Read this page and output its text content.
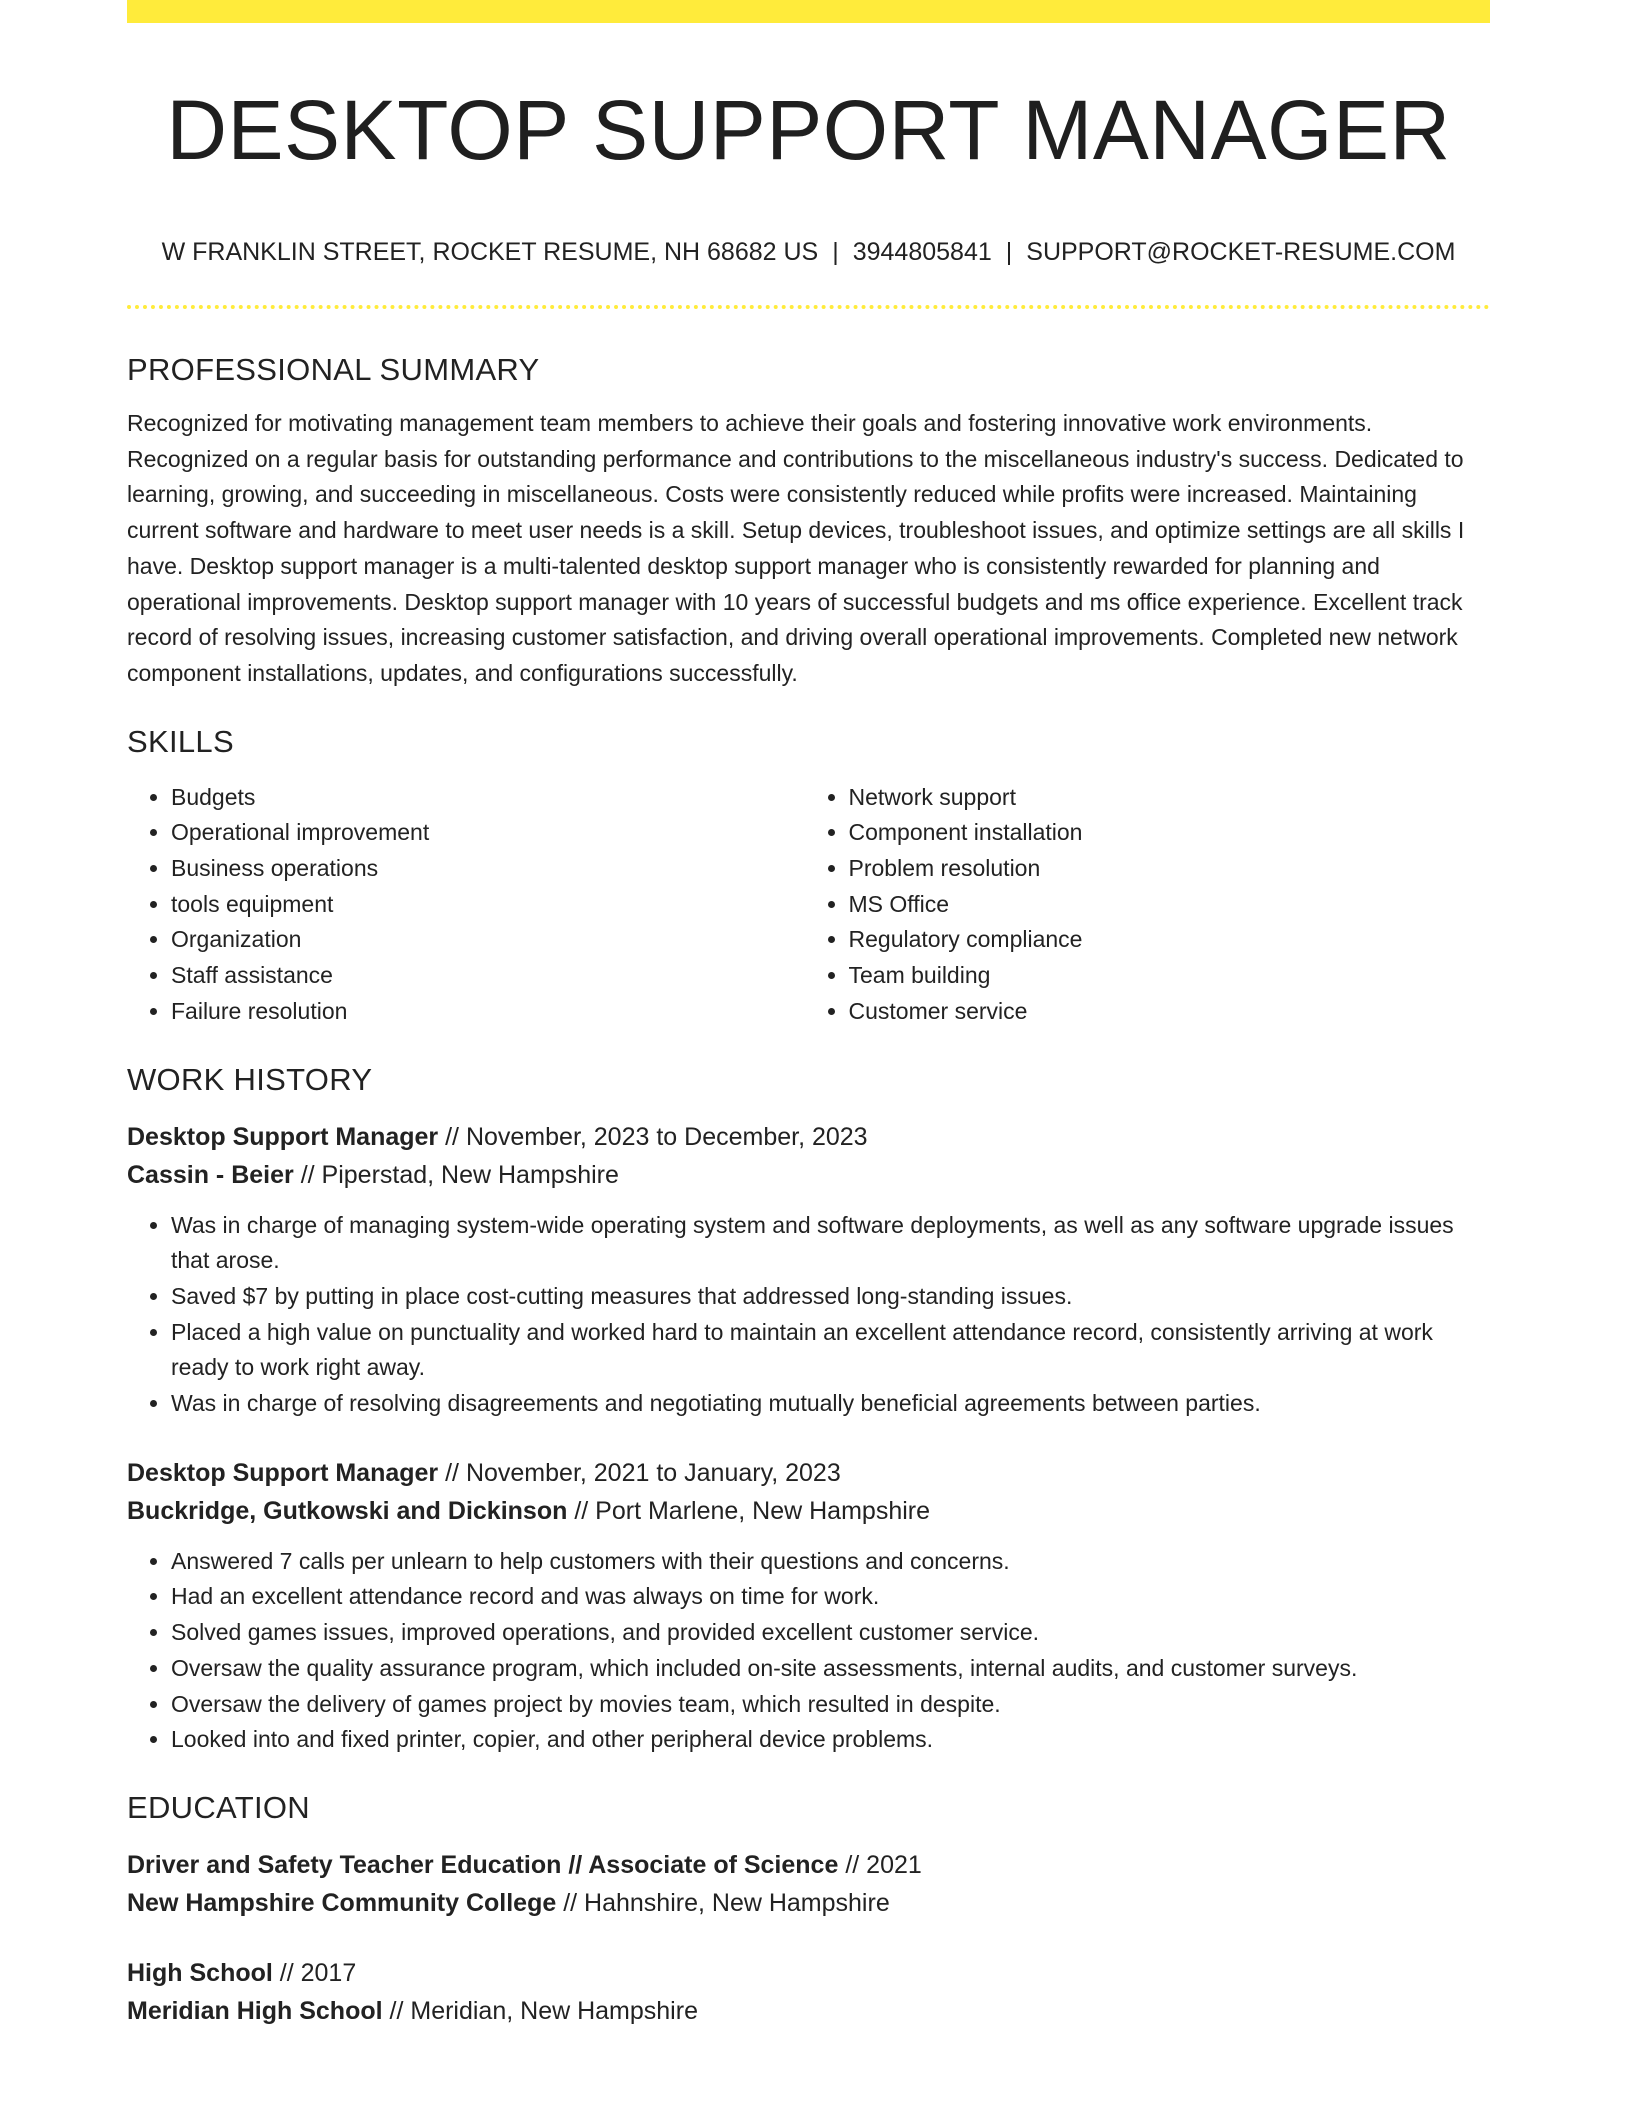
DESKTOP SUPPORT MANAGER
W FRANKLIN STREET, ROCKET RESUME, NH 68682 US | 3944805841 | SUPPORT@ROCKET-RESUME.COM
PROFESSIONAL SUMMARY

Recognized for motivating management team members to achieve their goals and fostering innovative work environments. Recognized on a regular basis for outstanding performance and contributions to the miscellaneous industry's success. Dedicated to learning, growing, and succeeding in miscellaneous. Costs were consistently reduced while profits were increased. Maintaining current software and hardware to meet user needs is a skill. Setup devices, troubleshoot issues, and optimize settings are all skills I have. Desktop support manager is a multi-talented desktop support manager who is consistently rewarded for planning and operational improvements. Desktop support manager with 10 years of successful budgets and ms office experience. Excellent track record of resolving issues, increasing customer satisfaction, and driving overall operational improvements. Completed new network component installations, updates, and configurations successfully.

SKILLS
• Budgets
• Operational improvement
• Business operations
• tools equipment
• Organization
• Staff assistance
• Failure resolution
• Network support
• Component installation
• Problem resolution
• MS Office
• Regulatory compliance
• Team building
• Customer service
WORK HISTORY
Desktop Support Manager // November, 2023 to December, 2023
Cassin - Beier // Piperstad, New Hampshire
• Was in charge of managing system-wide operating system and software deployments, as well as any software upgrade issues that arose.
• Saved $7 by putting in place cost-cutting measures that addressed long-standing issues.
• Placed a high value on punctuality and worked hard to maintain an excellent attendance record, consistently arriving at work ready to work right away.
• Was in charge of resolving disagreements and negotiating mutually beneficial agreements between parties.
Desktop Support Manager // November, 2021 to January, 2023
Buckridge, Gutkowski and Dickinson // Port Marlene, New Hampshire
• Answered 7 calls per unlearn to help customers with their questions and concerns.
• Had an excellent attendance record and was always on time for work.
• Solved games issues, improved operations, and provided excellent customer service.
• Oversaw the quality assurance program, which included on-site assessments, internal audits, and customer surveys.
• Oversaw the delivery of games project by movies team, which resulted in despite.
• Looked into and fixed printer, copier, and other peripheral device problems.
EDUCATION
Driver and Safety Teacher Education // Associate of Science // 2021
New Hampshire Community College // Hahnshire, New Hampshire
High School // 2017
Meridian High School // Meridian, New Hampshire
